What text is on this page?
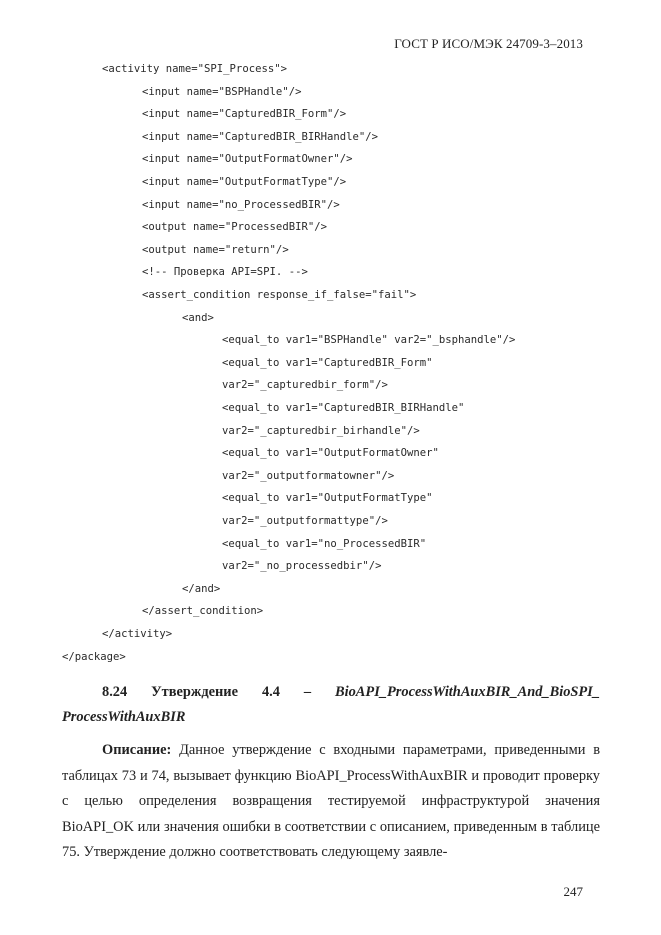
ГОСТ Р ИСО/МЭК 24709-3–2013
<activity name="SPI_Process">
<input name="BSPHandle"/>
<input name="CapturedBIR_Form"/>
<input name="CapturedBIR_BIRHandle"/>
<input name="OutputFormatOwner"/>
<input name="OutputFormatType"/>
<input name="no_ProcessedBIR"/>
<output name="ProcessedBIR"/>
<output name="return"/>
<!-- Проверка API=SPI. -->
<assert_condition response_if_false="fail">
<and>
<equal_to var1="BSPHandle" var2="_bsphandle"/>
<equal_to var1="CapturedBIR_Form"
var2="_capturedbir_form"/>
<equal_to var1="CapturedBIR_BIRHandle"
var2="_capturedbir_birhandle"/>
<equal_to var1="OutputFormatOwner"
var2="_outputformatowner"/>
<equal_to var1="OutputFormatType"
var2="_outputformattype"/>
<equal_to var1="no_ProcessedBIR"
var2="_no_processedbir"/>
</and>
</assert_condition>
</activity>
</package>
8.24 Утверждение 4.4 – BioAPI_ProcessWithAuxBIR_And_BioSPI_
ProcessWithAuxBIR
Описание: Данное утверждение с входными параметрами, приведенными в таблицах 73 и 74, вызывает функцию BioAPI_ProcessWithAuxBIR и проводит проверку с целью определения возвращения тестируемой инфраструктурой значения BioAPI_OK или значения ошибки в соответствии с описанием, приведенным в таблице 75. Утверждение должно соответствовать следующему заявле-
247
